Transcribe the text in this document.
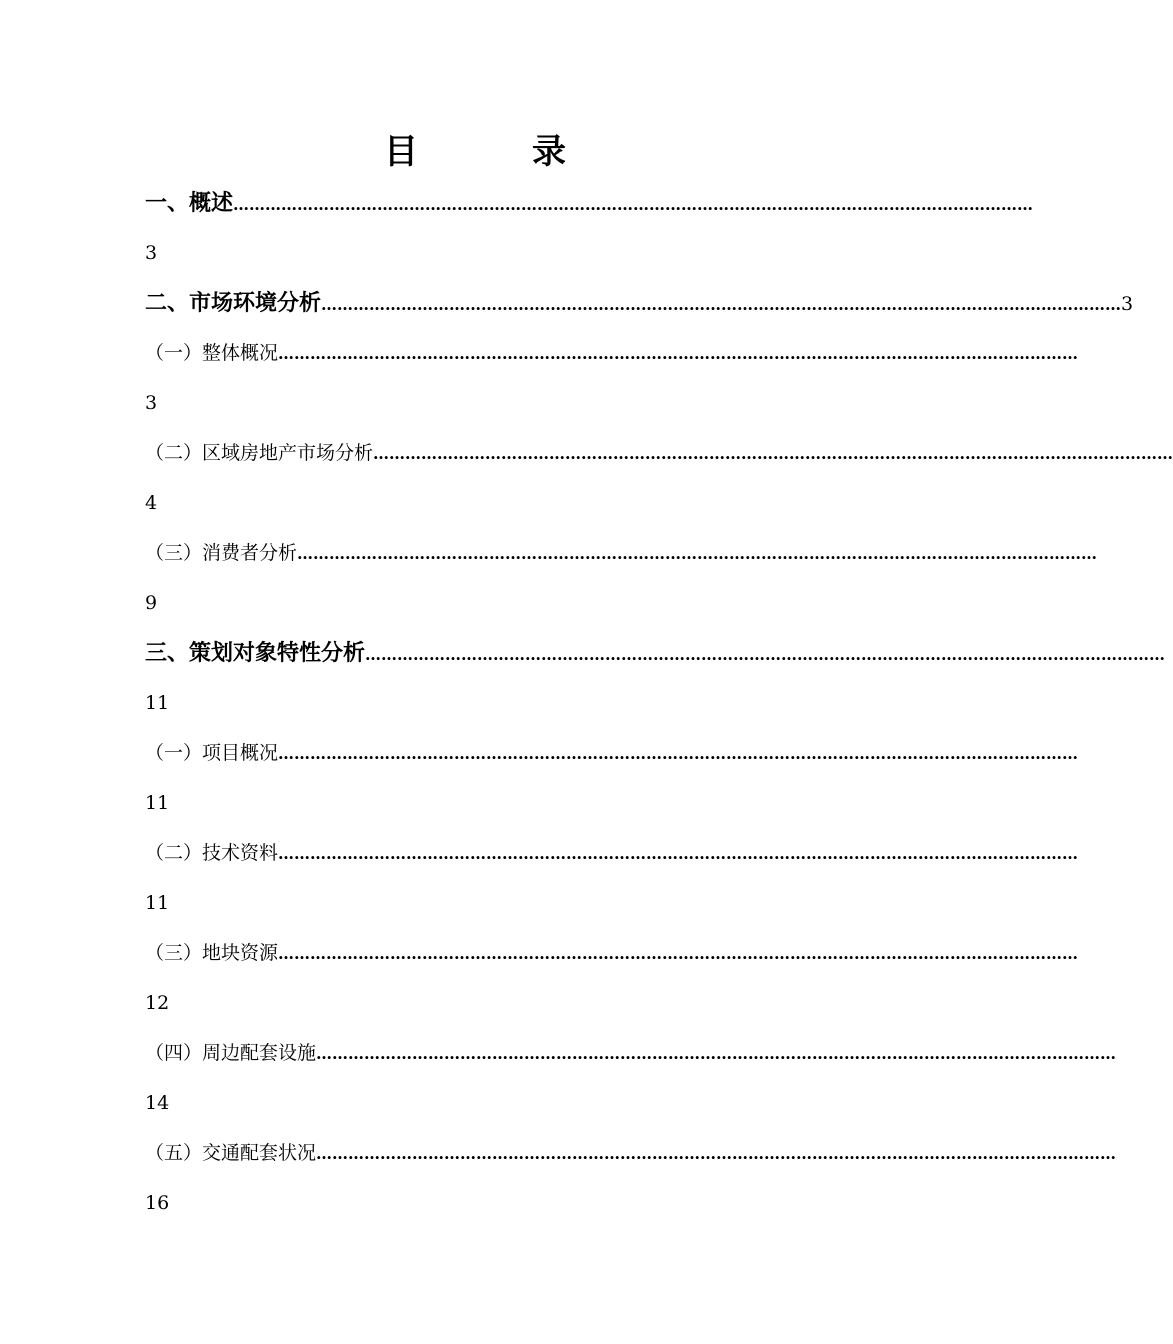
目　录
一、概述 ……………………………………………………………………………………………………………………………………
3
二、市场环境分析 …………………………………………………………………………………………………………………………………… 3
（一）整体概况 ……………………………………………………………………………………………………………………………………
3
（二）区域房地产市场分析 ……………………………………………………………………………………………………………………………………
4
（三）消费者分析 ……………………………………………………………………………………………………………………………………
9
三、策划对象特性分析 ……………………………………………………………………………………………………………………………………
11
（一）项目概况 ……………………………………………………………………………………………………………………………………
11
（二）技术资料 ……………………………………………………………………………………………………………………………………
11
（三）地块资源 ……………………………………………………………………………………………………………………………………
12
（四）周边配套设施 ……………………………………………………………………………………………………………………………………
14
（五）交通配套状况 ……………………………………………………………………………………………………………………………………
16
